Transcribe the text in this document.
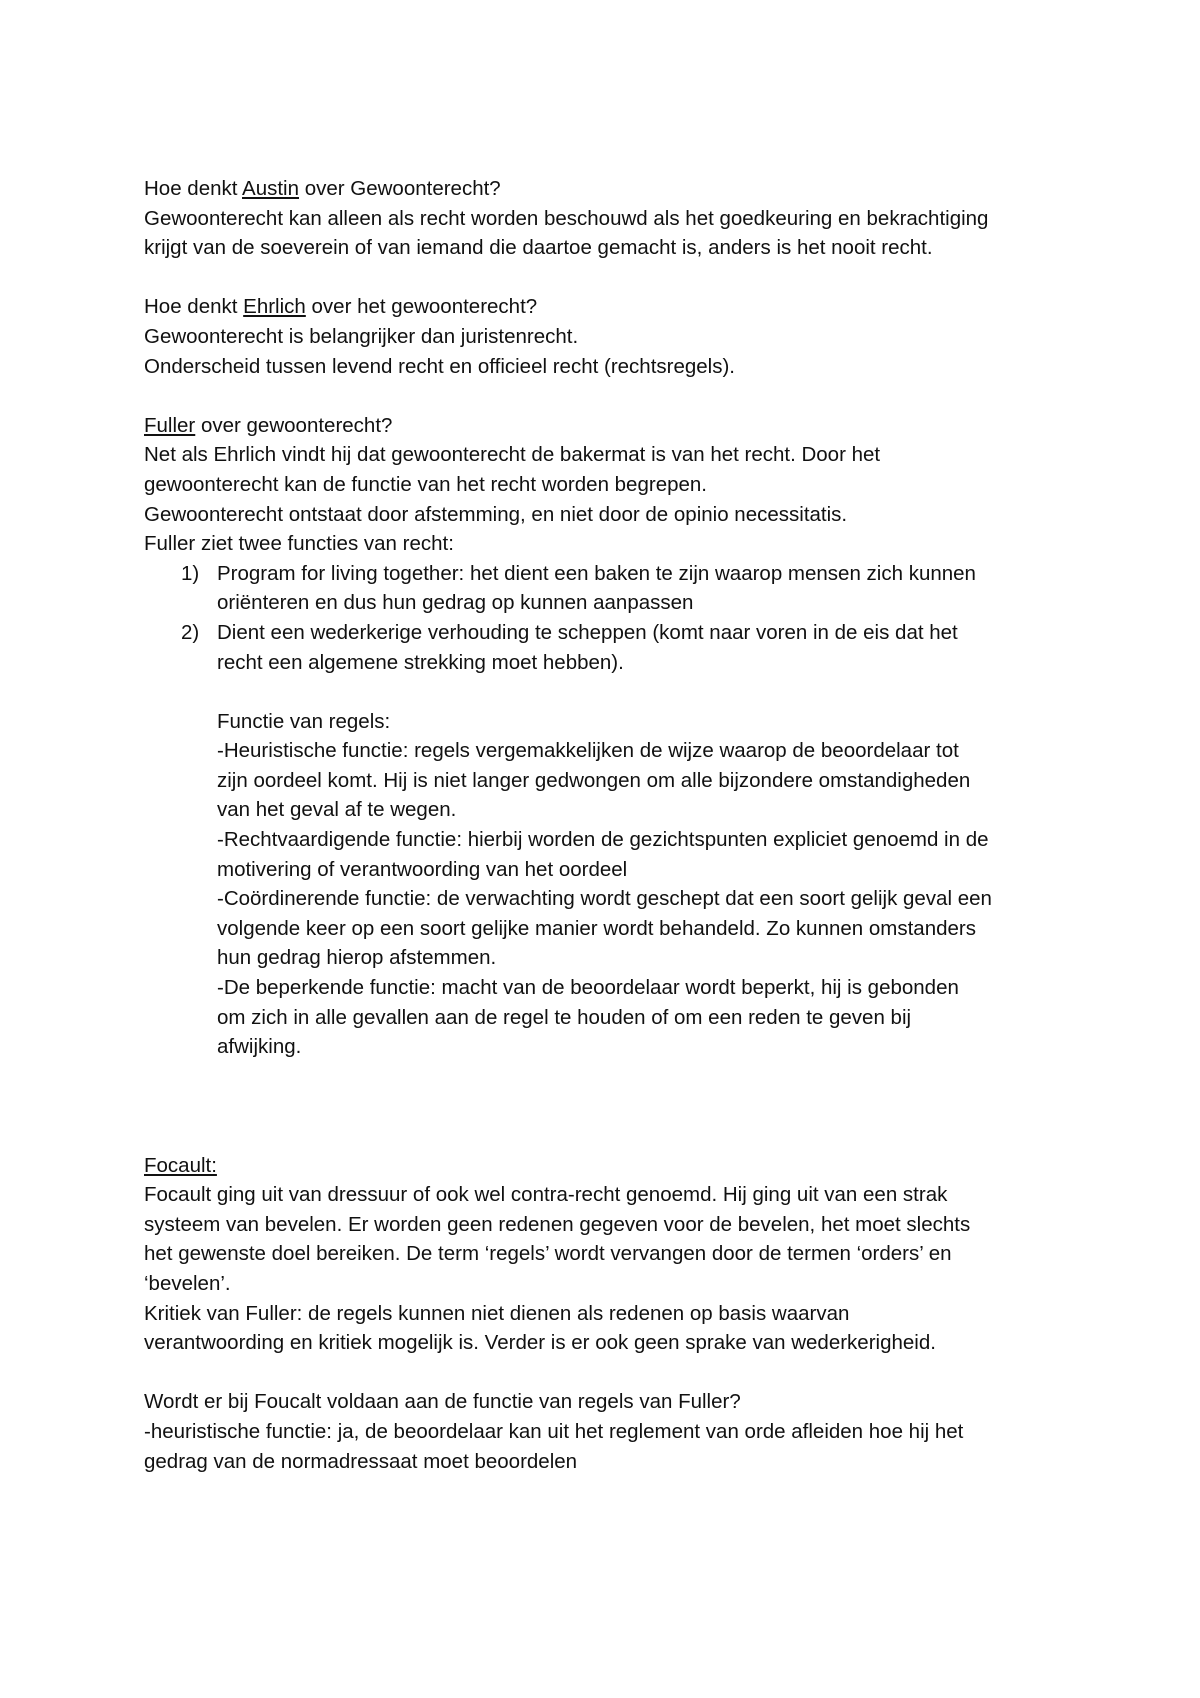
Hoe denkt Austin over Gewoonterecht?
Gewoonterecht kan alleen als recht worden beschouwd als het goedkeuring en bekrachtiging
krijgt van de soeverein of van iemand die daartoe gemacht is, anders is het nooit recht.
Hoe denkt Ehrlich over het gewoonterecht?
Gewoonterecht is belangrijker dan juristenrecht.
Onderscheid tussen levend recht en officieel recht (rechtsregels).
Fuller over gewoonterecht?
Net als Ehrlich vindt hij dat gewoonterecht de bakermat is van het recht. Door het
gewoonterecht kan de functie van het recht worden begrepen.
Gewoonterecht ontstaat door afstemming, en niet door de opinio necessitatis.
Fuller ziet twee functies van recht:
1) Program for living together: het dient een baken te zijn waarop mensen zich kunnen
oriënteren en dus hun gedrag op kunnen aanpassen
2) Dient een wederkerige verhouding te scheppen (komt naar voren in de eis dat het
recht een algemene strekking moet hebben).
Functie van regels:
-Heuristische functie: regels vergemakkelijken de wijze waarop de beoordelaar tot
zijn oordeel komt. Hij is niet langer gedwongen om alle bijzondere omstandigheden
van het geval af te wegen.
-Rechtvaardigende functie: hierbij worden de gezichtspunten expliciet genoemd in de
motivering of verantwoording van het oordeel
-Coördinerende functie: de verwachting wordt geschept dat een soort gelijk geval een
volgende keer op een soort gelijke manier wordt behandeld. Zo kunnen omstanders
hun gedrag hierop afstemmen.
-De beperkende functie: macht van de beoordelaar wordt beperkt, hij is gebonden
om zich in alle gevallen aan de regel te houden of om een reden te geven bij
afwijking.
Focault:
Focault ging uit van dressuur of ook wel contra-recht genoemd. Hij ging uit van een strak
systeem van bevelen. Er worden geen redenen gegeven voor de bevelen, het moet slechts
het gewenste doel bereiken. De term ‘regels’ wordt vervangen door de termen ‘orders’ en
‘bevelen’.
Kritiek van Fuller: de regels kunnen niet dienen als redenen op basis waarvan
verantwoording en kritiek mogelijk is. Verder is er ook geen sprake van wederkerigheid.
Wordt er bij Foucalt voldaan aan de functie van regels van Fuller?
-heuristische functie: ja, de beoordelaar kan uit het reglement van orde afleiden hoe hij het
gedrag van de normadressaat moet beoordelen
